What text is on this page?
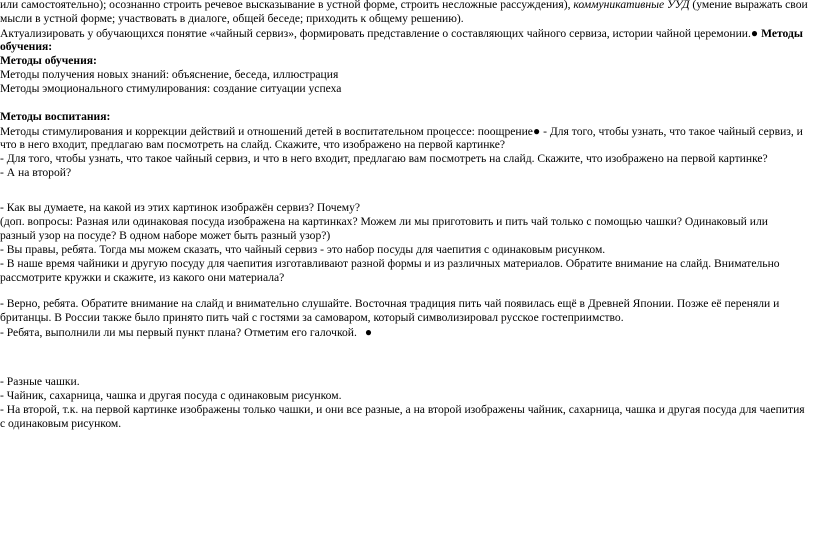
или самостоятельно); осознанно строить речевое высказывание в устной форме, строить несложные рассуждения), коммуникативные УУД (умение выражать свои
мысли в устной форме; участвовать в диалоге, общей беседе; приходить к общему решению).
Актуализировать у обучающихся понятие «чайный сервиз», формировать представление о составляющих чайного сервиза, истории чайной церемонии.● Методы
обучения:
Методы обучения:
Методы получения новых знаний: объяснение, беседа, иллюстрация
Методы эмоционального стимулирования: создание ситуации успеха
Методы воспитания:
Методы стимулирования и коррекции действий и отношений детей в воспитательном процессе: поощрение● - Для того, чтобы узнать, что такое чайный сервиз, и
что в него входит, предлагаю вам посмотреть на слайд. Скажите, что изображено на первой картинке?
- Для того, чтобы узнать, что такое чайный сервиз, и что в него входит, предлагаю вам посмотреть на слайд. Скажите, что изображено на первой картинке?
- А на второй?
- Как вы думаете, на какой из этих картинок изображён сервиз? Почему?
(доп. вопросы: Разная или одинаковая посуда изображена на картинках? Можем ли мы приготовить и пить чай только с помощью чашки? Одинаковый или
разный узор на посуде? В одном наборе может быть разный узор?)
- Вы правы, ребята. Тогда мы можем сказать, что чайный сервиз - это набор посуды для чаепития с одинаковым рисунком.
- В наше время чайники и другую посуду для чаепития изготавливают разной формы и из различных материалов. Обратите внимание на слайд. Внимательно
рассмотрите кружки и скажите, из какого они материала?
- Верно, ребята. Обратите внимание на слайд и внимательно слушайте. Восточная традиция пить чай появилась ещё в Древней Японии. Позже её переняли и
британцы. В России также было принято пить чай с гостями за самоваром, который символизировал русское гостеприимство.
- Ребята, выполнили ли мы первый пункт плана? Отметим его галочкой. ●
- Разные чашки.
- Чайник, сахарница, чашка и другая посуда с одинаковым рисунком.
- На второй, т.к. на первой картинке изображены только чашки, и они все разные, а на второй изображены чайник, сахарница, чашка и другая посуда для чаепития
с одинаковым рисунком.
